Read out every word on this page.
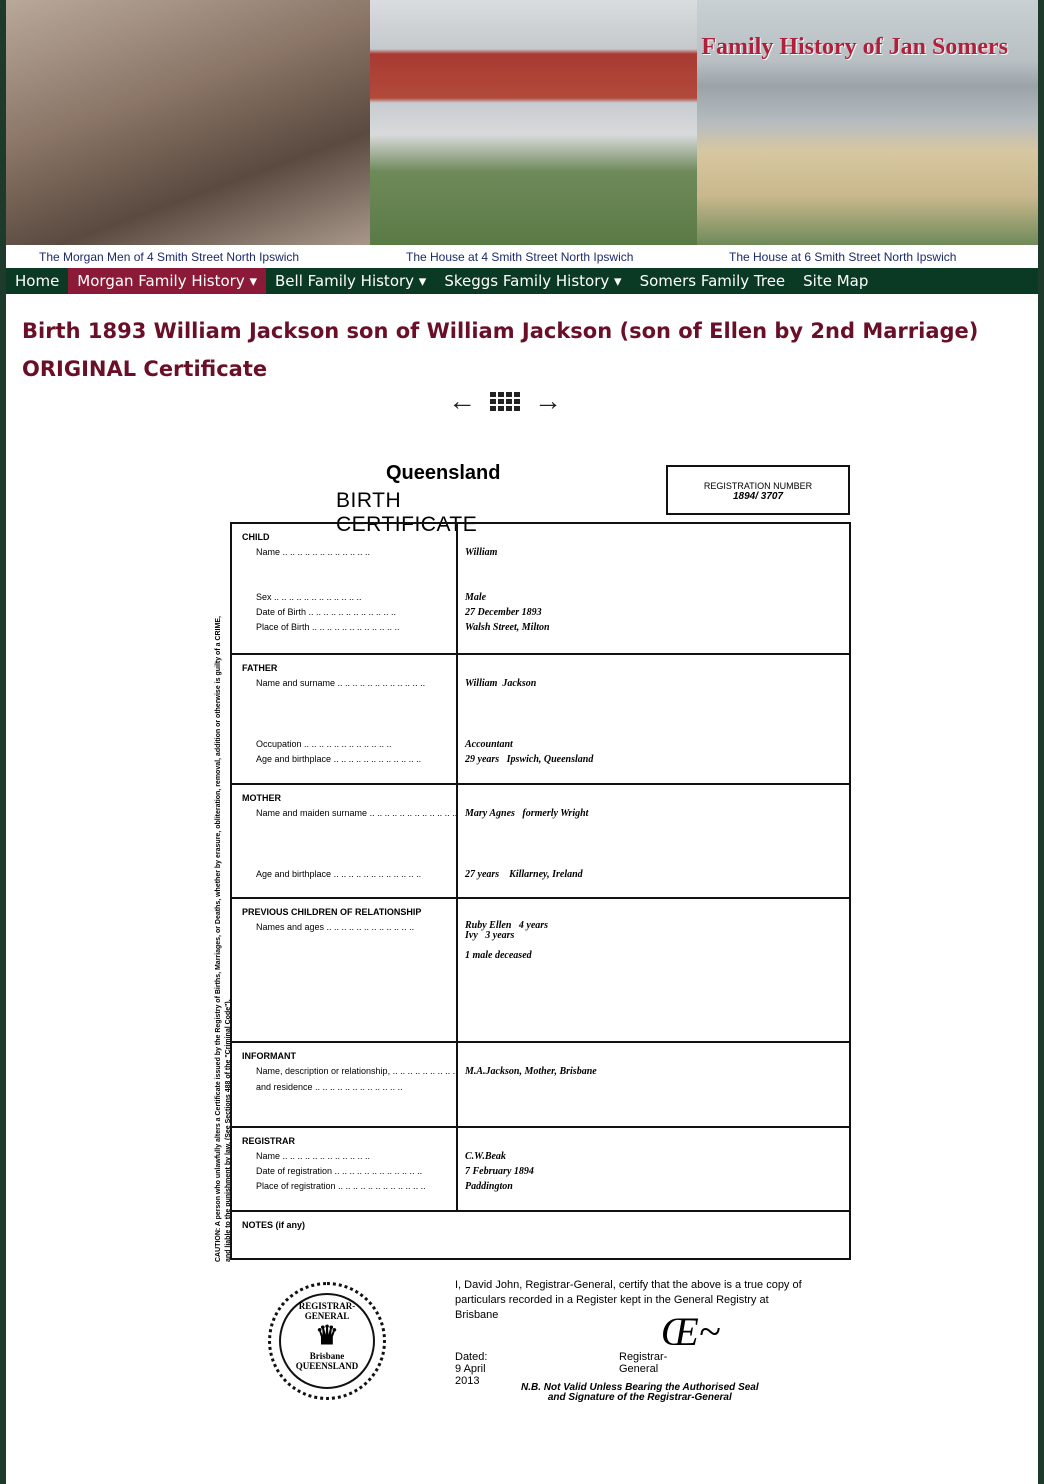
Family History of Jan Somers
The Morgan Men of 4 Smith Street North Ipswich	The House at 4 Smith Street North Ipswich	The House at 6 Smith Street North Ipswich
Home	Morgan Family History ▾	Bell Family History ▾	Skeggs Family History ▾	Somers Family Tree	Site Map
Birth 1893 William Jackson son of William Jackson (son of Ellen by 2nd Marriage)
ORIGINAL Certificate
← →
Queensland
BIRTH CERTIFICATE
REGISTRATION NUMBER
1894/ 3707
CHILD
Name .. ..	William
Sex .. ..	Male
Date of Birth .. ..	27 December 1893
Place of Birth .. ..	Walsh Street, Milton
FATHER
Name and surname .. ..	William  Jackson
Occupation .. ..	Accountant
Age and birthplace .. ..	29 years   Ipswich, Queensland
MOTHER
Name and maiden surname .. ..	Mary Agnes   formerly Wright
Age and birthplace .. ..	27 years    Killarney, Ireland
PREVIOUS CHILDREN OF RELATIONSHIP
Names and ages .. ..	Ruby Ellen   4 years
Ivy   3 years
1 male deceased
INFORMANT
Name, description or relationship, .. ..	M.A.Jackson, Mother, Brisbane
and residence .. ..
REGISTRAR
Name .. ..	C.W.Beak
Date of registration .. ..	7 February 1894
Place of registration .. ..	Paddington
NOTES (if any)
CAUTION: A person who unlawfully alters a Certificate issued by the Registry of Births, Marriages, or Deaths, whether by erasure, obliteration, removal, addition or otherwise is guilty of a CRIME, and liable to the punishment by law. (See Sections 488 of the "Criminal Code").
REGISTRAR-GENERAL
♛
Brisbane
QUEENSLAND
I, David John, Registrar-General, certify that the above is a true copy of particulars recorded in a Register kept in the General Registry at Brisbane	Œ~
Dated: 9 April 2013
Registrar-General
N.B. Not Valid Unless Bearing the Authorised Seal
and Signature of the Registrar-General
